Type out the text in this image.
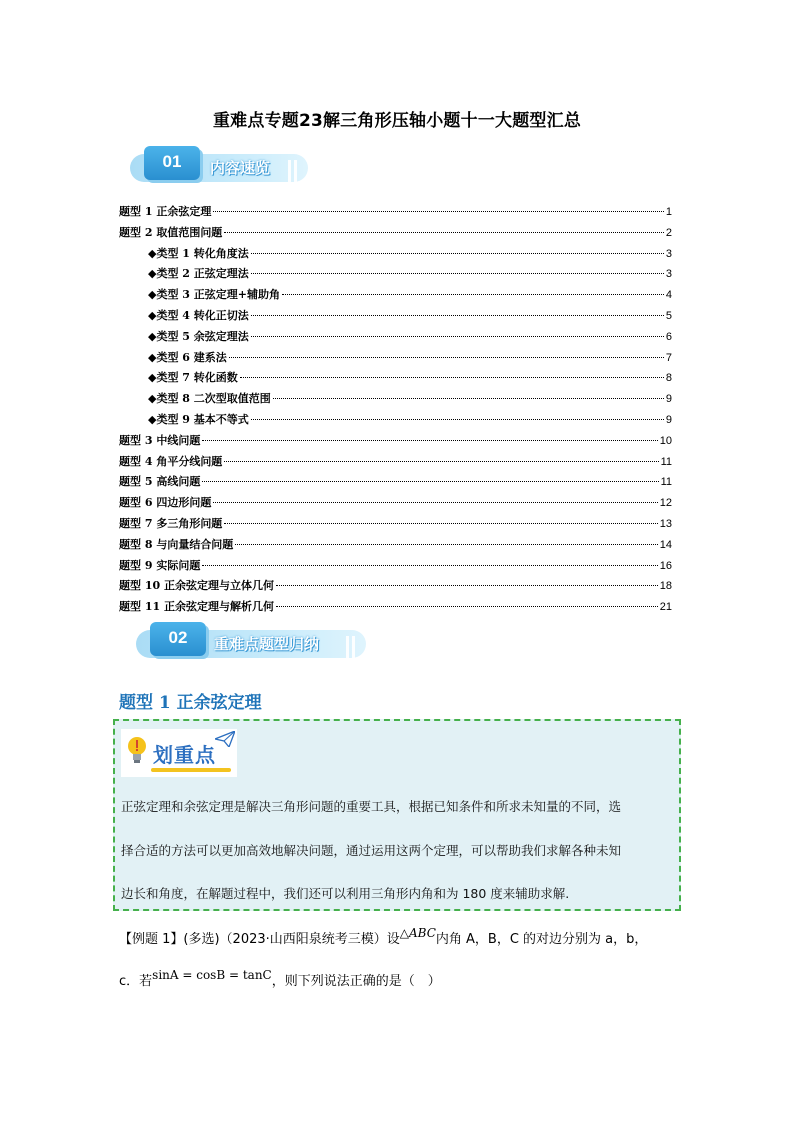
重难点专题23解三角形压轴小题十一大题型汇总
01	内容速览
题型 1 正余弦定理	1
题型 2 取值范围问题	2
◆类型 1 转化角度法	3
◆类型 2 正弦定理法	3
◆类型 3 正弦定理+辅助角	4
◆类型 4 转化正切法	5
◆类型 5 余弦定理法	6
◆类型 6 建系法	7
◆类型 7 转化函数	8
◆类型 8 二次型取值范围	9
◆类型 9 基本不等式	9
题型 3 中线问题	10
题型 4 角平分线问题	11
题型 5 高线问题	11
题型 6 四边形问题	12
题型 7 多三角形问题	13
题型 8 与向量结合问题	14
题型 9 实际问题	16
题型 10 正余弦定理与立体几何	18
题型 11 正余弦定理与解析几何	21
02	重难点题型归纳
题型 1 正余弦定理
划重点
正弦定理和余弦定理是解决三角形问题的重要工具，根据已知条件和所求未知量的不同，选
择合适的方法可以更加高效地解决问题，通过运用这两个定理，可以帮助我们求解各种未知
边长和角度，在解题过程中，我们还可以利用三角形内角和为 180 度来辅助求解.
【例题 1】(多选)（2023·山西阳泉统考三模）设△ABC内角 A，B，C 的对边分别为 a，b，
c．若sinA = cosB = tanC，则下列说法正确的是（　）
